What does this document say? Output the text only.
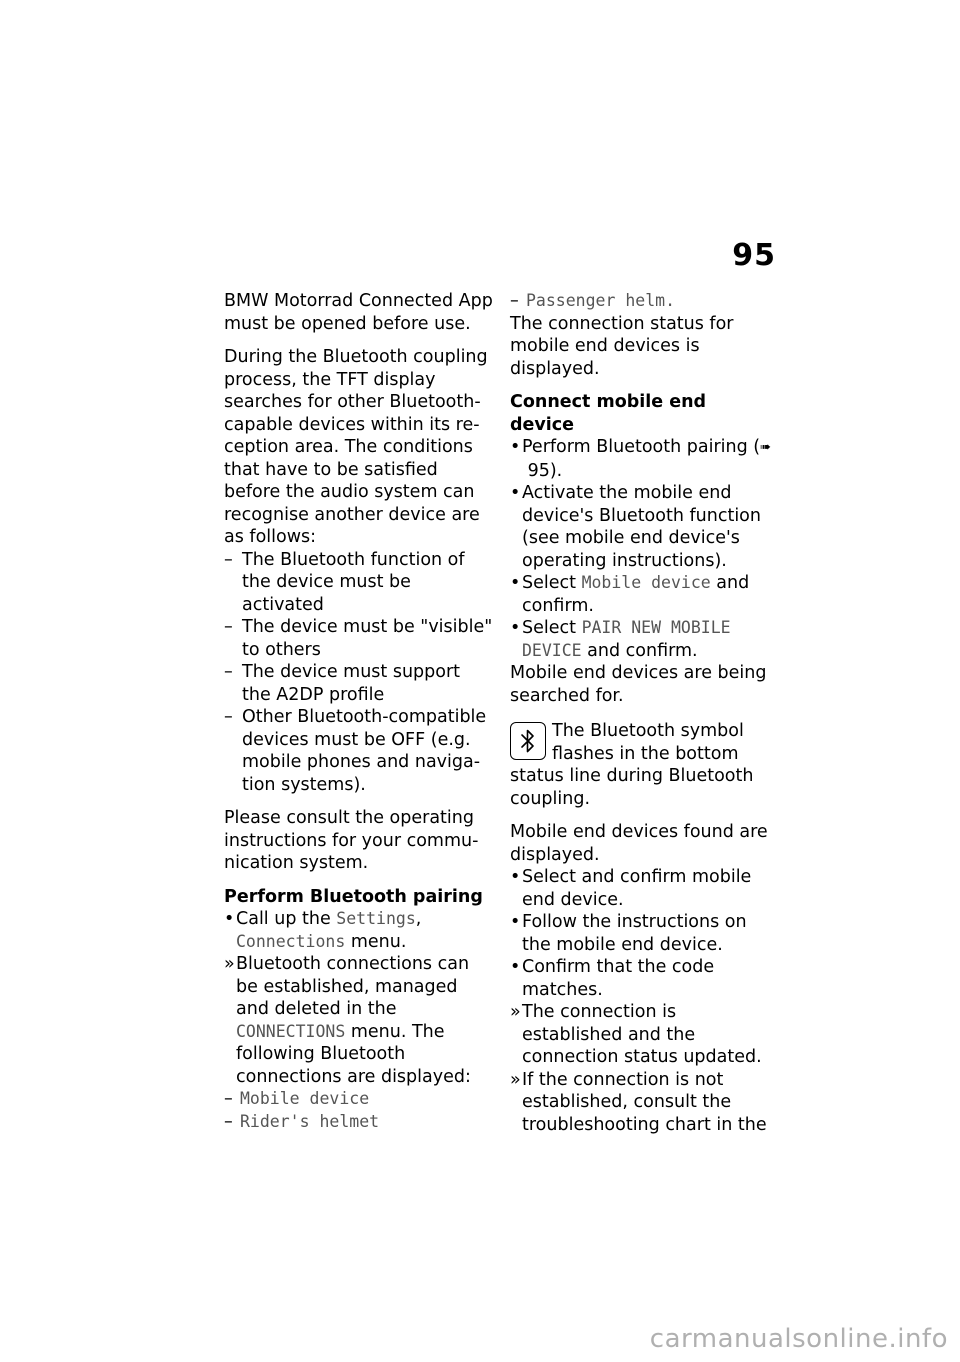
95

BMW Motorrad Connected App must be opened before use.

During the Bluetooth coupling process, the TFT display searches for other Bluetooth-capable devices within its reception area. The conditions that have to be satisfied before the audio system can recognise another device are as follows:

– The Bluetooth function of the device must be activated
– The device must be "visible" to others
– The device must support the A2DP profile
– Other Bluetooth-compatible devices must be OFF (e.g. mobile phones and navigation systems).

Please consult the operating instructions for your communication system.

Perform Bluetooth pairing
• Call up the Settings,
Connections menu.
» Bluetooth connections can be established, managed and deleted in the CONNECTIONS menu. The following Bluetooth connections are displayed:
– Mobile device
– Rider's helmet
– Passenger helm.

The connection status for mobile end devices is displayed.

Connect mobile end device
• Perform Bluetooth pairing (➠ 95).
• Activate the mobile end device's Bluetooth function (see mobile end device's operating instructions).
• Select Mobile device and confirm.
• Select PAIR NEW MOBILE DEVICE and confirm.

Mobile end devices are being searched for.

The Bluetooth symbol flashes in the bottom status line during Bluetooth coupling.

Mobile end devices found are displayed.

• Select and confirm mobile end device.
• Follow the instructions on the mobile end device.
• Confirm that the code matches.
» The connection is established and the connection status updated.
» If the connection is not established, consult the troubleshooting chart in the
carmanualsonline.info
